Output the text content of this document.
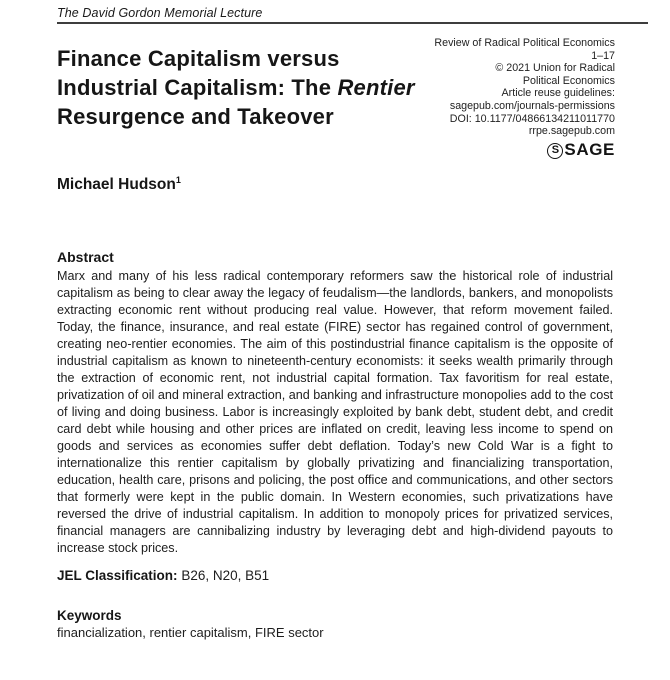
The David Gordon Memorial Lecture
Finance Capitalism versus
Industrial Capitalism: The Rentier
Resurgence and Takeover
Review of Radical Political Economics
1–17
© 2021 Union for Radical
Political Economics
Article reuse guidelines:
sagepub.com/journals-permissions
DOI: 10.1177/04866134211011770
rrpe.sagepub.com
S SAGE
Michael Hudson$^1$
Abstract
Marx and many of his less radical contemporary reformers saw the historical role of industrial capitalism as being to clear away the legacy of feudalism—the landlords, bankers, and monopolists extracting economic rent without producing real value. However, that reform movement failed. Today, the finance, insurance, and real estate (FIRE) sector has regained control of government, creating neo-rentier economies. The aim of this postindustrial finance capitalism is the opposite of industrial capitalism as known to nineteenth-century economists: it seeks wealth primarily through the extraction of economic rent, not industrial capital formation. Tax favoritism for real estate, privatization of oil and mineral extraction, and banking and infrastructure monopolies add to the cost of living and doing business. Labor is increasingly exploited by bank debt, student debt, and credit card debt while housing and other prices are inflated on credit, leaving less income to spend on goods and services as economies suffer debt deflation. Today’s new Cold War is a fight to internationalize this rentier capitalism by globally privatizing and financializing transportation, education, health care, prisons and policing, the post office and communications, and other sectors that formerly were kept in the public domain. In Western economies, such privatizations have reversed the drive of industrial capitalism. In addition to monopoly prices for privatized services, financial managers are cannibalizing industry by leveraging debt and high-dividend payouts to increase stock prices.
JEL Classification: B26, N20, B51
Keywords
financialization, rentier capitalism, FIRE sector
